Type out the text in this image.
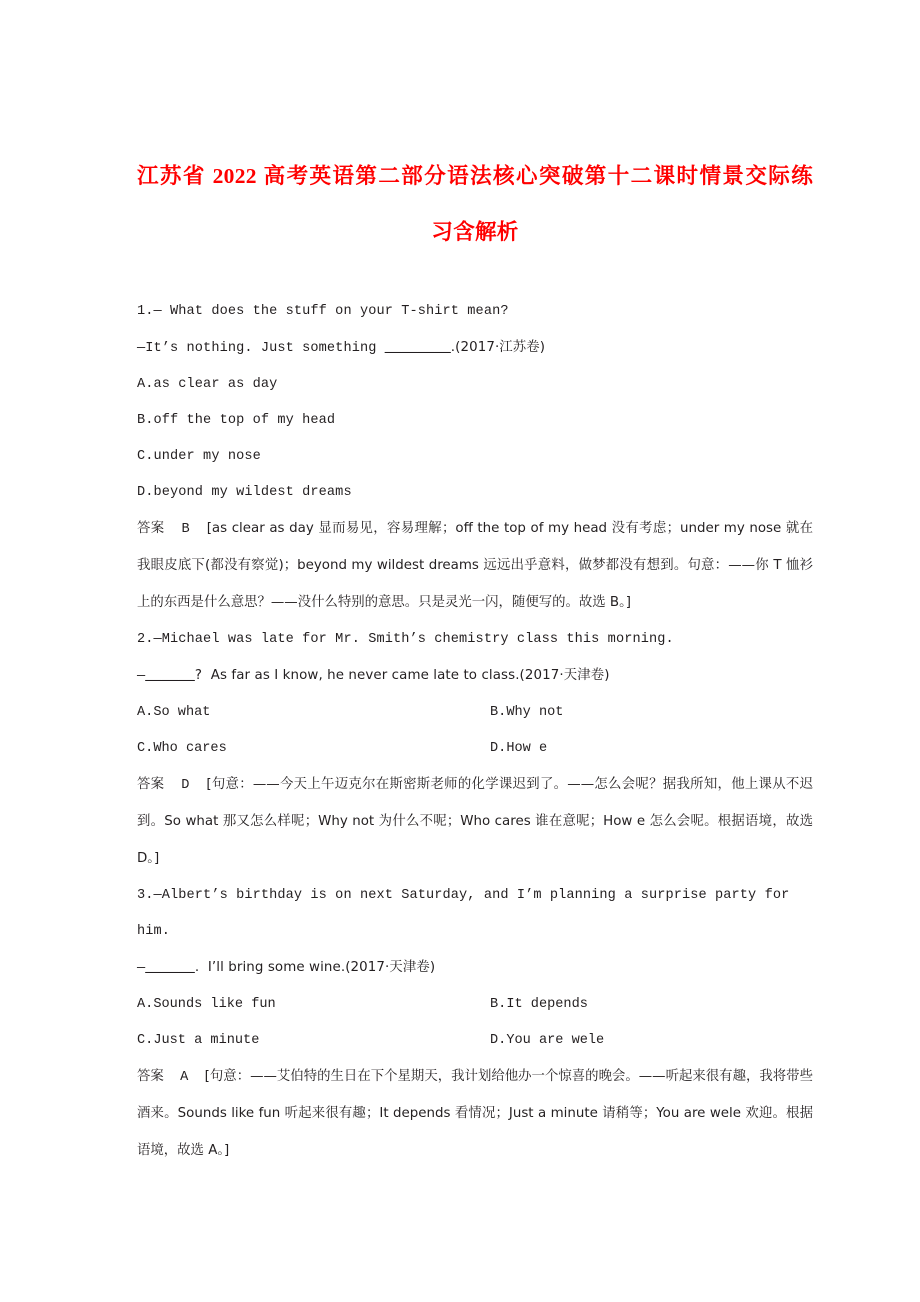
江苏省 2022 高考英语第二部分语法核心突破第十二课时情景交际练
习含解析

1.— What does the stuff on your T-shirt mean?

—It’s nothing. Just something ________.(2017·江苏卷)

A.as clear as day

B.off the top of my head

C.under my nose

D.beyond my wildest dreams

答案 B [as clear as day 显而易见，容易理解；off the top of my head 没有考虑；under my nose 就在我眼皮底下(都没有察觉)；beyond my wildest dreams 远远出乎意料，做梦都没有想到。句意：——你 T 恤衫上的东西是什么意思？——没什么特别的意思。只是灵光一闪，随便写的。故选 B。]

2.—Michael was late for Mr. Smith’s chemistry class this morning.

—______?  As far as I know, he never came late to class.(2017·天津卷)

A.So what	B.Why not
C.Who cares	D.How e

答案 D [句意：——今天上午迈克尔在斯密斯老师的化学课迟到了。——怎么会呢？据我所知，他上课从不迟到。So what 那又怎么样呢；Why not 为什么不呢；Who cares 谁在意呢；How e 怎么会呢。根据语境，故选 D。]

3.—Albert’s birthday is on next Saturday, and I’m planning a surprise party for

him.

—______.  I’ll bring some wine.(2017·天津卷)

A.Sounds like fun	B.It depends
C.Just a minute	D.You are wele

答案 A [句意：——艾伯特的生日在下个星期天，我计划给他办一个惊喜的晚会。——听起来很有趣，我将带些酒来。Sounds like fun 听起来很有趣；It depends 看情况；Just a minute 请稍等；You are wele 欢迎。根据语境，故选 A。]
